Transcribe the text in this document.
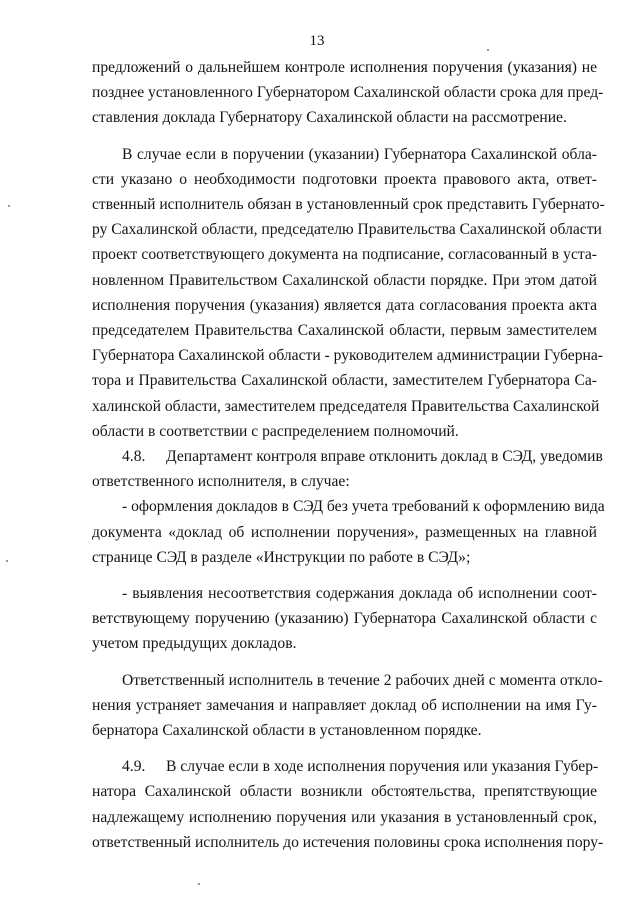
13
предложений о дальнейшем контроле исполнения поручения (указания) не
позднее установленного Губернатором Сахалинской области срока для пред-
ставления доклада Губернатору Сахалинской области на рассмотрение.
В случае если в поручении (указании) Губернатора Сахалинской обла-
сти указано о необходимости подготовки проекта правового акта, ответ-
ственный исполнитель обязан в установленный срок представить Губернато-
ру Сахалинской области, председателю Правительства Сахалинской области
проект соответствующего документа на подписание, согласованный в уста-
новленном Правительством Сахалинской области порядке. При этом датой
исполнения поручения (указания) является дата согласования проекта акта
председателем Правительства Сахалинской области, первым заместителем
Губернатора Сахалинской области - руководителем администрации Губерна-
тора и Правительства Сахалинской области, заместителем Губернатора Са-
халинской области, заместителем председателя Правительства Сахалинской
области в соответствии с распределением полномочий.
4.8. Департамент контроля вправе отклонить доклад в СЭД, уведомив
ответственного исполнителя, в случае:
- оформления докладов в СЭД без учета требований к оформлению вида
документа «доклад об исполнении поручения», размещенных на главной
странице СЭД в разделе «Инструкции по работе в СЭД»;
- выявления несоответствия содержания доклада об исполнении соот-
ветствующему поручению (указанию) Губернатора Сахалинской области с
учетом предыдущих докладов.
Ответственный исполнитель в течение 2 рабочих дней с момента откло-
нения устраняет замечания и направляет доклад об исполнении на имя Гу-
бернатора Сахалинской области в установленном порядке.
4.9. В случае если в ходе исполнения поручения или указания Губер-
натора Сахалинской области возникли обстоятельства, препятствующие
надлежащему исполнению поручения или указания в установленный срок,
ответственный исполнитель до истечения половины срока исполнения пору-
